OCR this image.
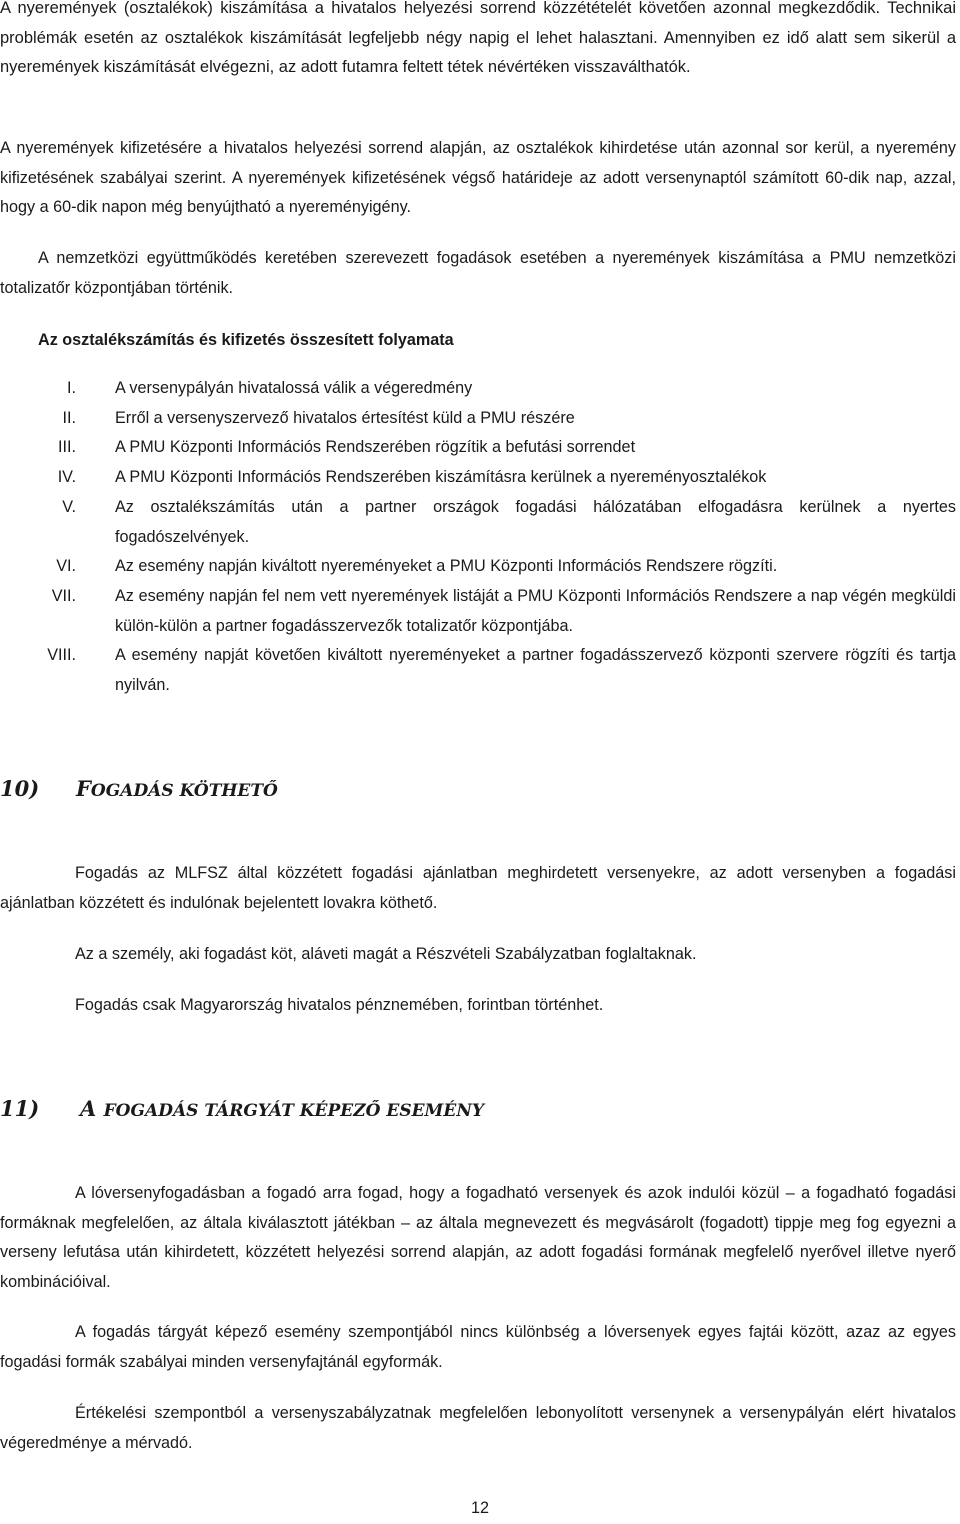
A nyeremények (osztalékok) kiszámítása a hivatalos helyezési sorrend közzétételét követően azonnal megkezdődik. Technikai problémák esetén az osztalékok kiszámítását legfeljebb négy napig el lehet halasztani. Amennyiben ez idő alatt sem sikerül a nyeremények kiszámítását elvégezni, az adott futamra feltett tétek névértéken visszaválthatók.

A nyeremények kifizetésére a hivatalos helyezési sorrend alapján, az osztalékok kihirdetése után azonnal sor kerül, a nyeremény kifizetésének szabályai szerint. A nyeremények kifizetésének végső határideje az adott versenynaptól számított 60-dik nap, azzal, hogy a 60-dik napon még benyújtható a nyereményigény.

A nemzetközi együttműködés keretében szerevezett fogadások esetében a nyeremények kiszámítása a PMU nemzetközi totalizatőr központjában történik.

Az osztalékszámítás és kifizetés összesített folyamata

I. A versenypályán hivatalossá válik a végeredmény
II. Erről a versenyszervező hivatalos értesítést küld a PMU részére
III. A PMU Központi Információs Rendszerében rögzítik a befutási sorrendet
IV. A PMU Központi Információs Rendszerében kiszámításra kerülnek a nyereményosztalékok
V. Az osztalékszámítás után a partner országok fogadási hálózatában elfogadásra kerülnek a nyertes fogadószelvények.
VI. Az esemény napján kiváltott nyereményeket a PMU Központi Információs Rendszere rögzíti.
VII. Az esemény napján fel nem vett nyeremények listáját a PMU Központi Információs Rendszere a nap végén megküldi külön-külön a partner fogadásszervezők totalizatőr központjába.
VIII. A esemény napját követően kiváltott nyereményeket a partner fogadásszervező központi szervere rögzíti és tartja nyilván.
10) FOGADÁS KÖTHETŐ

Fogadás az MLFSZ által közzétett fogadási ajánlatban meghirdetett versenyekre, az adott versenyben a fogadási ajánlatban közzétett és indulónak bejelentett lovakra köthető.

Az a személy, aki fogadást köt, aláveti magát a Részvételi Szabályzatban foglaltaknak.

Fogadás csak Magyarország hivatalos pénznemében, forintban történhet.

11) A FOGADÁS TÁRGYÁT KÉPEZŐ ESEMÉNY

A lóversenyfogadásban a fogadó arra fogad, hogy a fogadható versenyek és azok indulói közül – a fogadható fogadási formáknak megfelelően, az általa kiválasztott játékban – az általa megnevezett és megvásárolt (fogadott) tippje meg fog egyezni a verseny lefutása után kihirdetett, közzétett helyezési sorrend alapján, az adott fogadási formának megfelelő nyerővel illetve nyerő kombinációival.

A fogadás tárgyát képező esemény szempontjából nincs különbség a lóversenyek egyes fajtái között, azaz az egyes fogadási formák szabályai minden versenyfajtánál egyformák.

Értékelési szempontból a versenyszabályzatnak megfelelően lebonyolított versenynek a versenypályán elért hivatalos végeredménye a mérvadó.

12
